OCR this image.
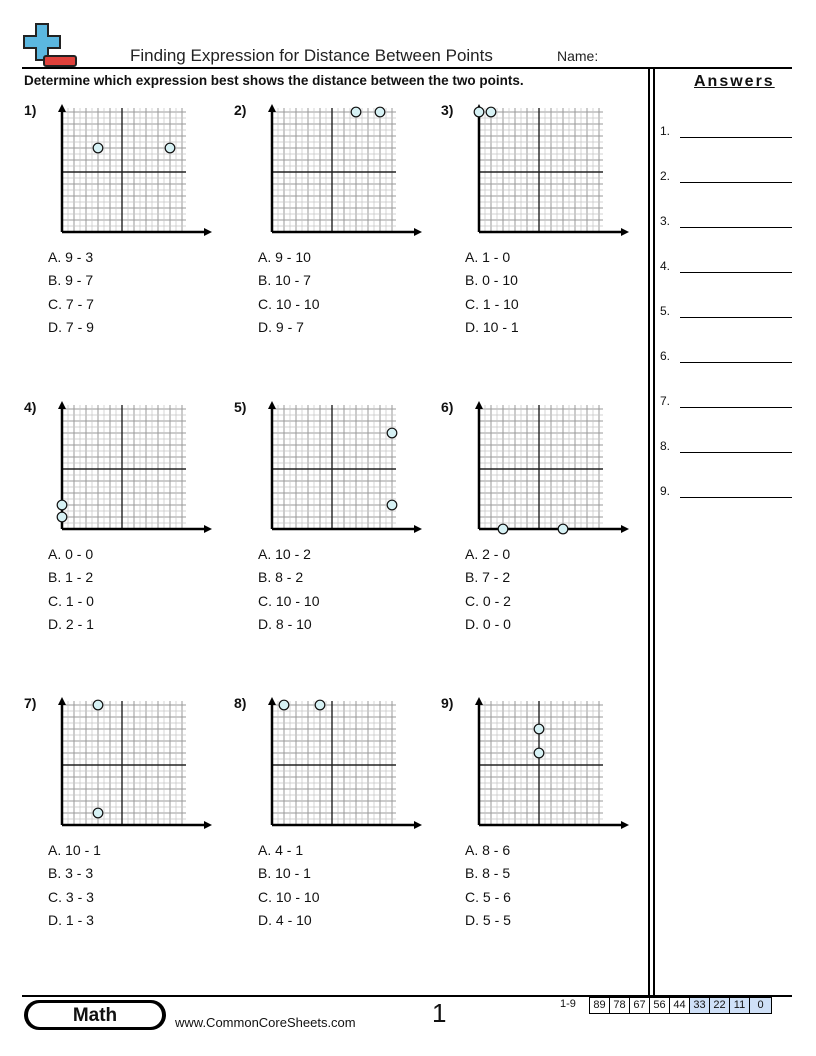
Finding Expression for Distance Between Points	Name:
Determine which expression best shows the distance between the two points.	Answers
1.
2.
3.
4.
5.
6.
7.
8.
9.
1)
A. 9 - 3
B. 9 - 7
C. 7 - 7
D. 7 - 9
2)
A. 9 - 10
B. 10 - 7
C. 10 - 10
D. 9 - 7
3)
A. 1 - 0
B. 0 - 10
C. 1 - 10
D. 10 - 1
4)
A. 0 - 0
B. 1 - 2
C. 1 - 0
D. 2 - 1
5)
A. 10 - 2
B. 8 - 2
C. 10 - 10
D. 8 - 10
6)
A. 2 - 0
B. 7 - 2
C. 0 - 2
D. 0 - 0
7)
A. 10 - 1
B. 3 - 3
C. 3 - 3
D. 1 - 3
8)
A. 4 - 1
B. 10 - 1
C. 10 - 10
D. 4 - 10
9)
A. 8 - 6
B. 8 - 5
C. 5 - 6
D. 5 - 5
Math	www.CommonCoreSheets.com	1	1-9	89 78 67 56 44 33 22 11	0
